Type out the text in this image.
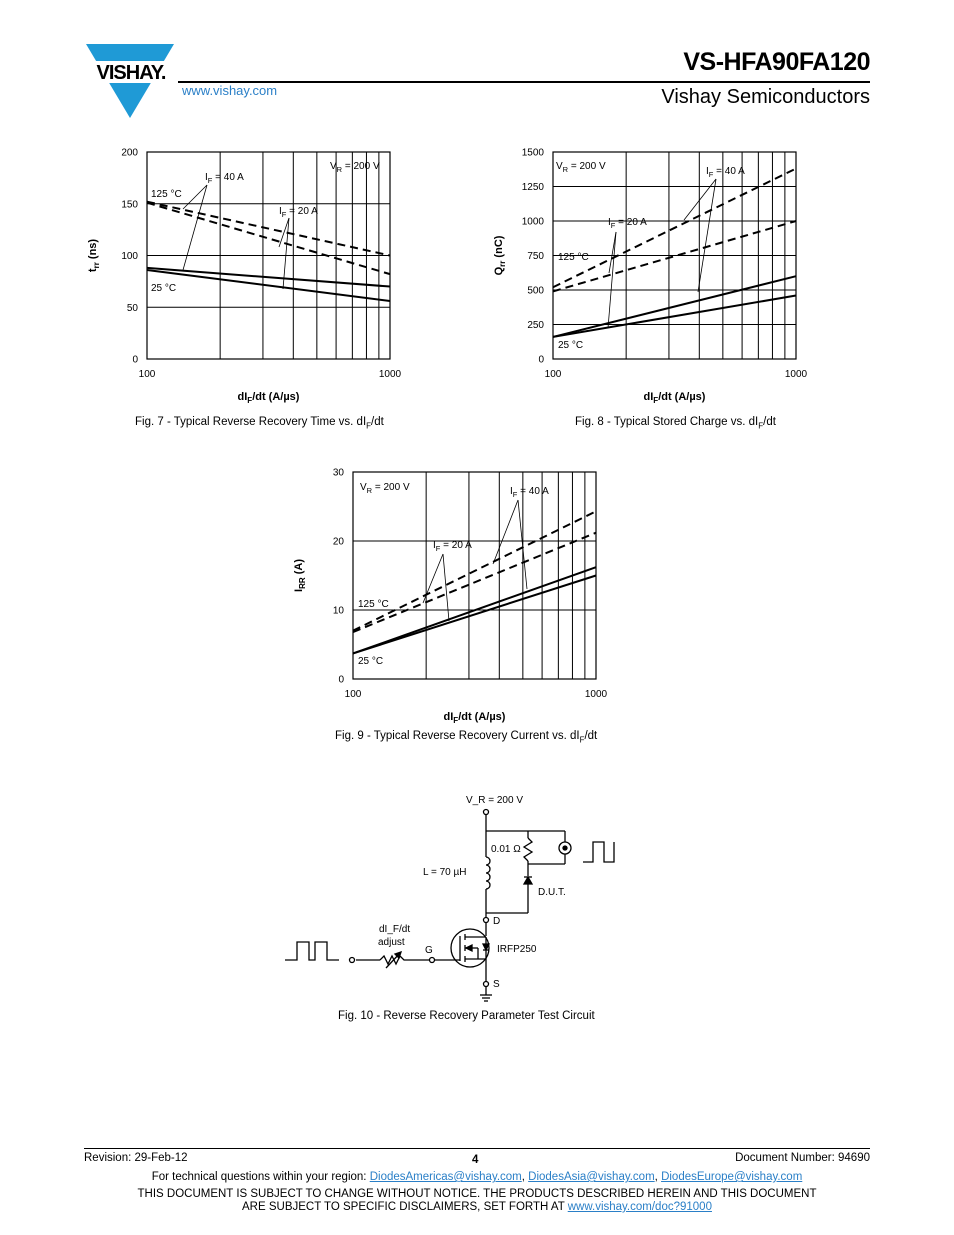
VISHAY.	VS-HFA90FA120
www.vishay.com	Vishay Semiconductors
0
50
100
150
200
100	1000
$dI_F/dt$ (A/µs)
$t_{rr}$ (ns)
$V_R = 200$ V
$I_F = 40$ A
$I_F = 20$ A
125 °C
25 °C
0
250
500
750
1000
1250
1500
100	1000
$dI_F/dt$ (A/µs)
$Q_{rr}$ (nC)
$V_R = 200$ V	$I_F = 40$ A
$I_F = 20$ A
125 °C
25 °C
0
10
20
30
100	1000
$dI_F/dt$ (A/µs)
$I_{RR}$ (A)
$V_R = 200$ V	$I_F = 40$ A
$I_F = 20$ A
125 °C
25 °C
Fig. 7 - Typical Reverse Recovery Time vs. $dI_F/dt$	Fig. 8 - Typical Stored Charge vs. $dI_F/dt$
Fig. 9 - Typical Reverse Recovery Current vs. $dI_F/dt$
V_R = 200 V
0.01 Ω
L = 70 µH
D.U.T.
D
IRFP250
G
S
dI_F/dt
adjust
Fig. 10 - Reverse Recovery Parameter Test Circuit
Revision: 29-Feb-12	4	Document Number: 94690
For technical questions within your region: DiodesAmericas@vishay.com, DiodesAsia@vishay.com, DiodesEurope@vishay.com
THIS DOCUMENT IS SUBJECT TO CHANGE WITHOUT NOTICE. THE PRODUCTS DESCRIBED HEREIN AND THIS DOCUMENT
ARE SUBJECT TO SPECIFIC DISCLAIMERS, SET FORTH AT www.vishay.com/doc?91000
